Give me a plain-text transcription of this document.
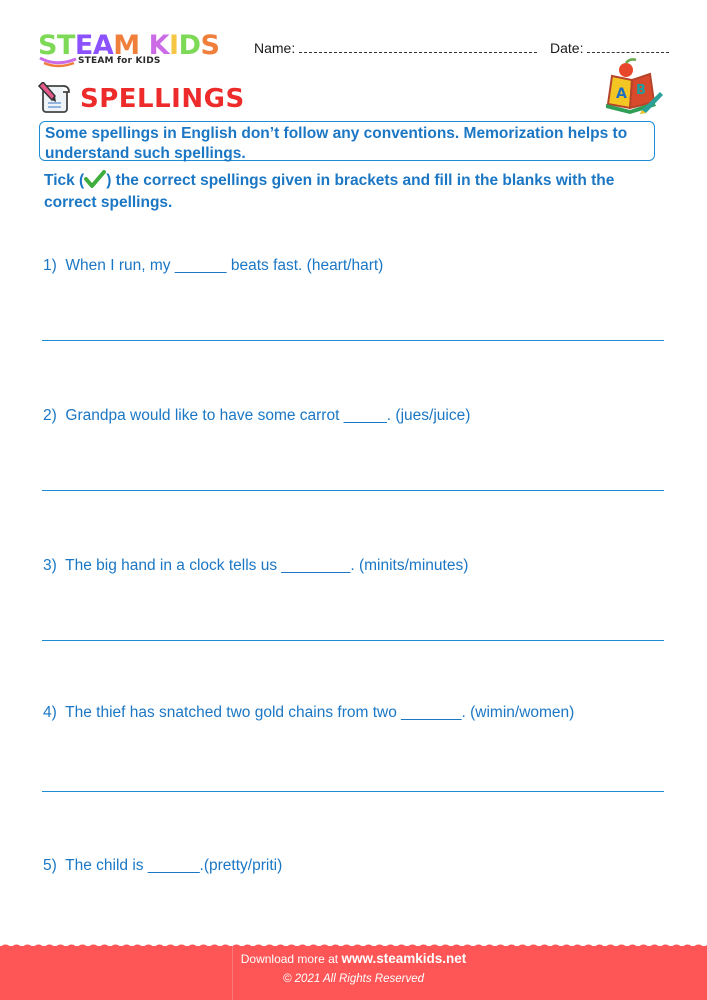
STEAM KIDS
STEAM for KIDS
Name:	Date:
A B
SPELLINGS
Some spellings in English don’t follow any conventions. Memorization helps to understand such spellings.
Tick ( ) the correct spellings given in brackets and fill in the blanks with the correct spellings.
1) When I run, my ______ beats fast. (heart/hart)
2) Grandpa would like to have some carrot _____. (jues/juice)
3) The big hand in a clock tells us ________. (minits/minutes)
4) The thief has snatched two gold chains from two _______. (wimin/women)
5) The child is ______.(pretty/priti)
Download more at www.steamkids.net
© 2021 All Rights Reserved
